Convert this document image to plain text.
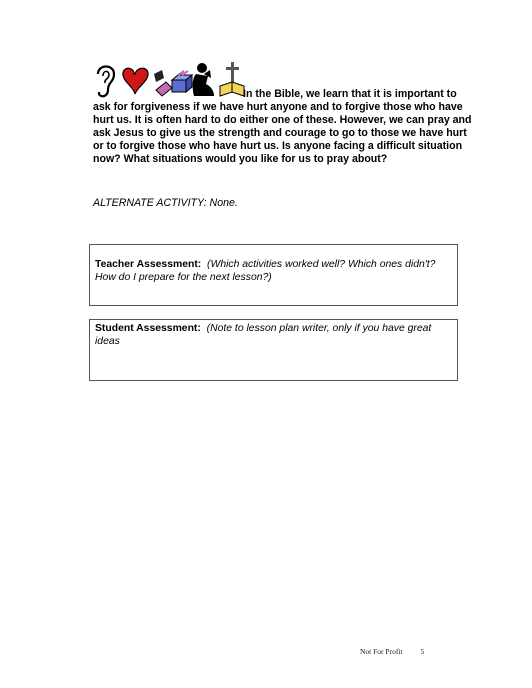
In the Bible, we learn that it is important to ask for forgiveness if we have hurt anyone and to forgive those who have hurt us. It is often hard to do either one of these. However, we can pray and ask Jesus to give us the strength and courage to go to those we have hurt or to forgive those who have hurt us. Is anyone facing a difficult situation now? What situations would you like for us to pray about?
ALTERNATE ACTIVITY: None.
Teacher Assessment: (Which activities worked well? Which ones didn't? How do I prepare for the next lesson?)
Student Assessment: (Note to lesson plan writer, only if you have great ideas
Not For Profit 5
